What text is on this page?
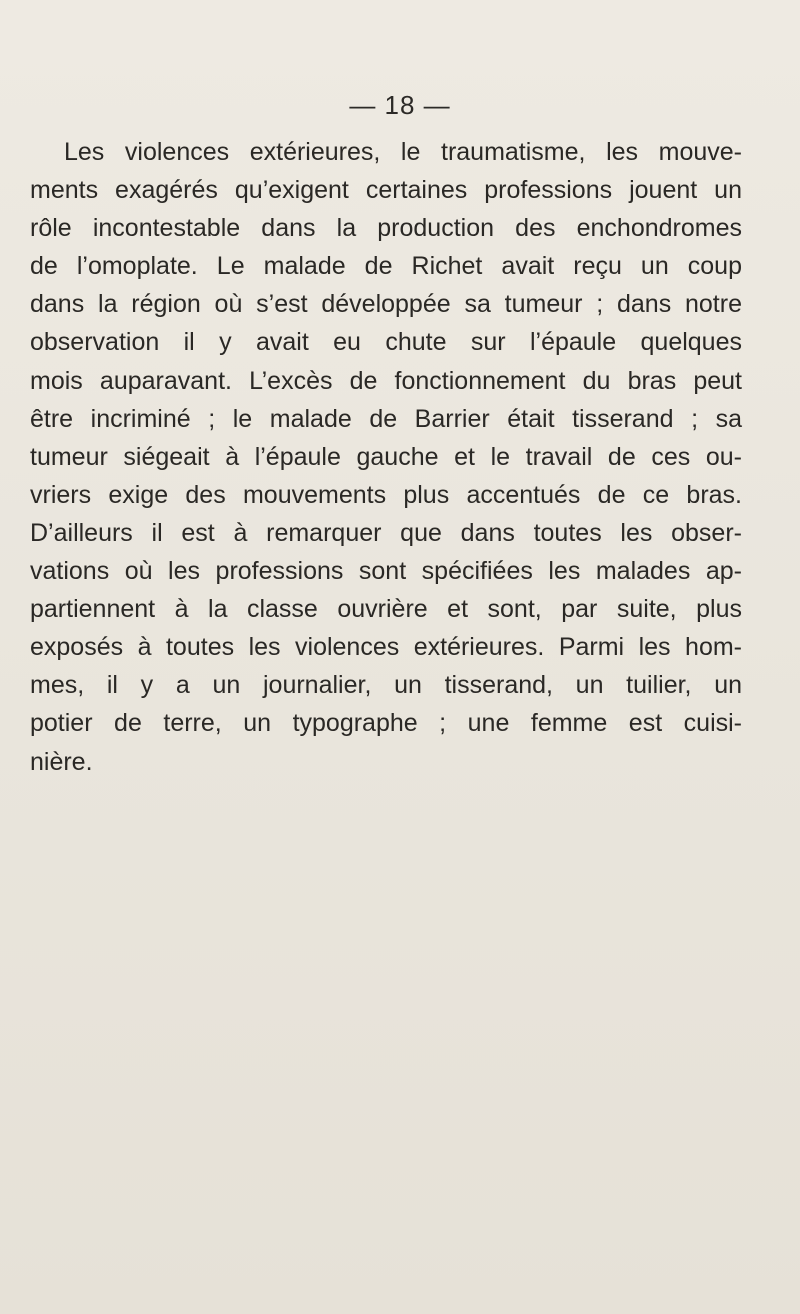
— 18 —
Les violences extérieures, le traumatisme, les mouve-
ments exagérés qu’exigent certaines professions jouent un
rôle incontestable dans la production des enchondromes
de l’omoplate. Le malade de Richet avait reçu un coup
dans la région où s’est développée sa tumeur ; dans notre
observation il y avait eu chute sur l’épaule quelques
mois auparavant. L’excès de fonctionnement du bras peut
être incriminé ; le malade de Barrier était tisserand ; sa
tumeur siégeait à l’épaule gauche et le travail de ces ou-
vriers exige des mouvements plus accentués de ce bras.
D’ailleurs il est à remarquer que dans toutes les obser-
vations où les professions sont spécifiées les malades ap-
partiennent à la classe ouvrière et sont, par suite, plus
exposés à toutes les violences extérieures. Parmi les hom-
mes, il y a un journalier, un tisserand, un tuilier, un
potier de terre, un typographe ; une femme est cuisi-
nière.
